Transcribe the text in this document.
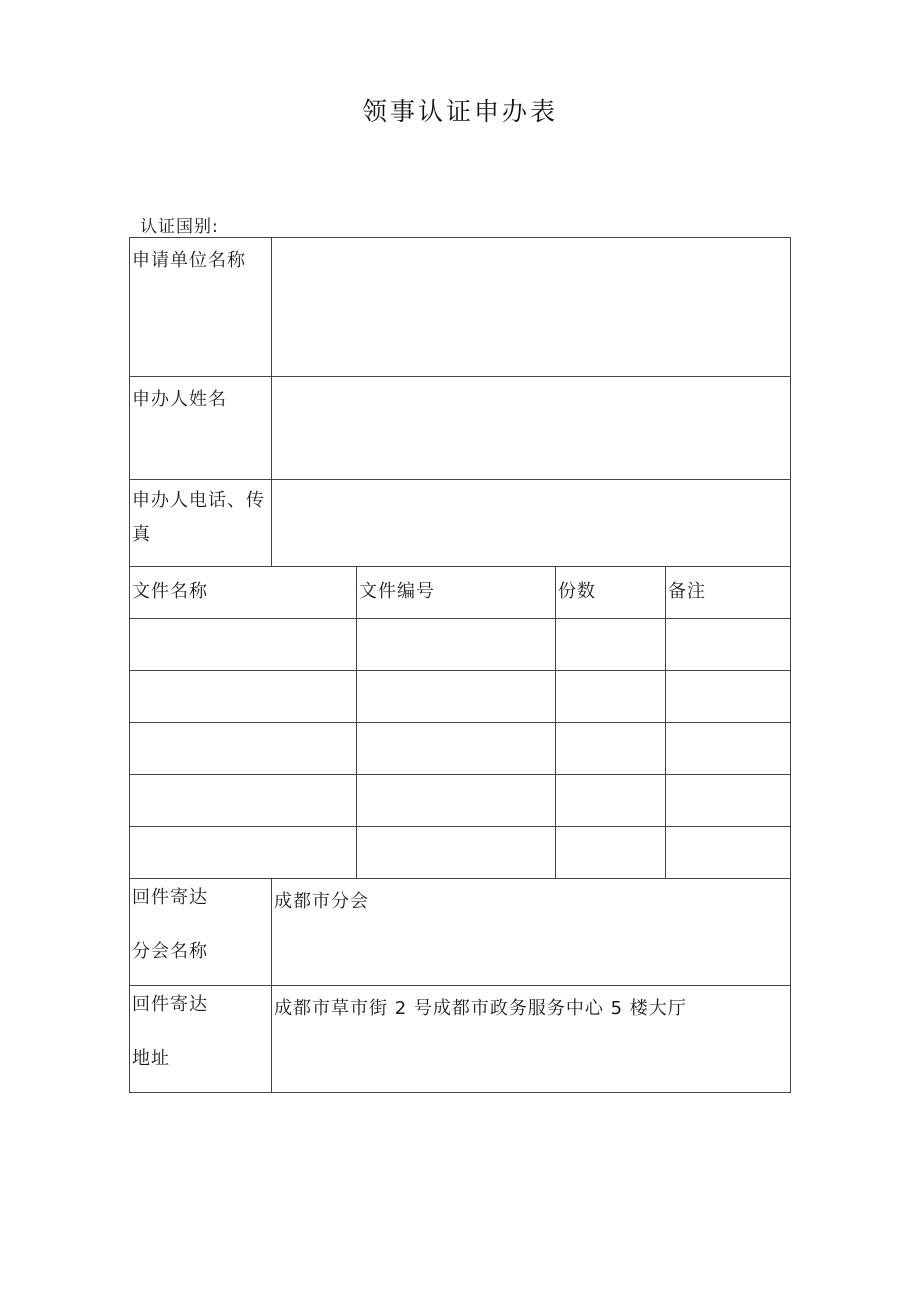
领事认证申办表
认证国别:
申请单位名称				
申办人姓名				
申办人电话、传真				
文件名称		文件编号	份数	备注

回件寄达
分会名称	成都市分会			

回件寄达
地址	成都市草市街 2 号成都市政务服务中心 5 楼大厅			
